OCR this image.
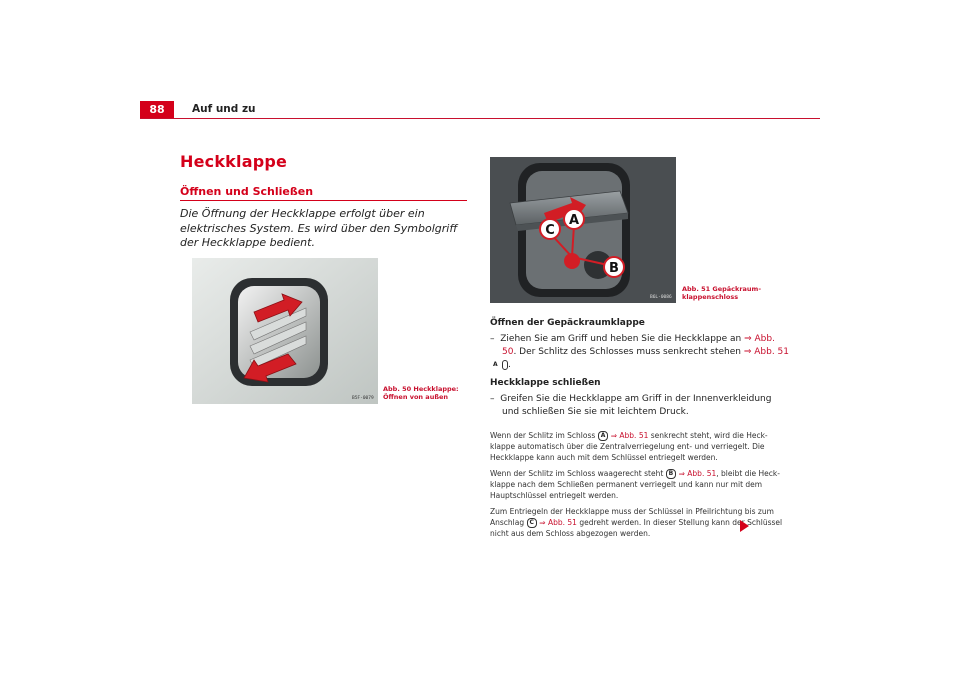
88	Auf und zu
Heckklappe
Öffnen und Schließen
Die Öffnung der Heckklappe erfolgt über ein elektrisches System. Es wird über den Symbolgriff der Heckklappe bedient.
B5F-0079
Abb. 50 Heckklappe:
Öffnen von außen
A
C
B
B6L-0086
Abb. 51 Gepäckraum-
klappenschloss
Öffnen der Gepäckraumklappe
– Ziehen Sie am Griff und heben Sie die Heckklappe an ⇒ Abb. 50. Der Schlitz des Schlosses muss senkrecht stehen ⇒ Abb. 51 A .
Heckklappe schließen
– Greifen Sie die Heckklappe am Griff in der Innenverkleidung und schließen Sie sie mit leichtem Druck.

Wenn der Schlitz im Schloss A ⇒ Abb. 51 senkrecht steht, wird die Heckklappe automatisch über die Zentralverriegelung ent- und verriegelt. Die Heckklappe kann auch mit dem Schlüssel entriegelt werden.

Wenn der Schlitz im Schloss waagerecht steht B ⇒ Abb. 51, bleibt die Heckklappe nach dem Schließen permanent verriegelt und kann nur mit dem Hauptschlüssel entriegelt werden.

Zum Entriegeln der Heckklappe muss der Schlüssel in Pfeilrichtung bis zum Anschlag C ⇒ Abb. 51 gedreht werden. In dieser Stellung kann der Schlüssel nicht aus dem Schloss abgezogen werden.
